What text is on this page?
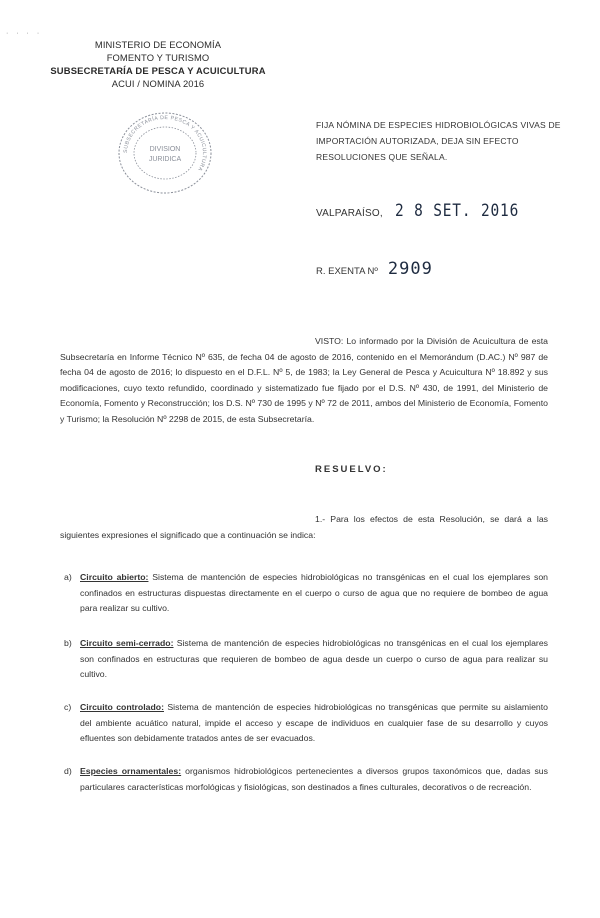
· · · ·
MINISTERIO DE ECONOMÍA
FOMENTO Y TURISMO
SUBSECRETARÍA DE PESCA Y ACUICULTURA
ACUI / NOMINA 2016
SUBSECRETARÍA DE PESCA Y ACUICULTURA
DIVISION
JURIDICA
FIJA NÓMINA DE ESPECIES HIDROBIOLÓGICAS VIVAS DE IMPORTACIÓN AUTORIZADA, DEJA SIN EFECTO RESOLUCIONES QUE SEÑALA.
VALPARAÍSO, 2 8 SET. 2016
R. EXENTA Nº 2909
VISTO: Lo informado por la División de Acuicultura de esta Subsecretaría en Informe Técnico Nº 635, de fecha 04 de agosto de 2016, contenido en el Memorándum (D.AC.) Nº 987 de fecha 04 de agosto de 2016; lo dispuesto en el D.F.L. Nº 5, de 1983; la Ley General de Pesca y Acuicultura Nº 18.892 y sus modificaciones, cuyo texto refundido, coordinado y sistematizado fue fijado por el D.S. Nº 430, de 1991, del Ministerio de Economía, Fomento y Reconstrucción; los D.S. Nº 730 de 1995 y Nº 72 de 2011, ambos del Ministerio de Economía, Fomento y Turismo; la Resolución Nº 2298 de 2015, de esta Subsecretaría.
RESUELVO:
1.- Para los efectos de esta Resolución, se dará a las siguientes expresiones el significado que a continuación se indica:
a) Circuito abierto: Sistema de mantención de especies hidrobiológicas no transgénicas en el cual los ejemplares son confinados en estructuras dispuestas directamente en el cuerpo o curso de agua que no requiere de bombeo de agua para realizar su cultivo.
b) Circuito semi-cerrado: Sistema de mantención de especies hidrobiológicas no transgénicas en el cual los ejemplares son confinados en estructuras que requieren de bombeo de agua desde un cuerpo o curso de agua para realizar su cultivo.
c) Circuito controlado: Sistema de mantención de especies hidrobiológicas no transgénicas que permite su aislamiento del ambiente acuático natural, impide el acceso y escape de individuos en cualquier fase de su desarrollo y cuyos efluentes son debidamente tratados antes de ser evacuados.
d) Especies ornamentales: organismos hidrobiológicos pertenecientes a diversos grupos taxonómicos que, dadas sus particulares características morfológicas y fisiológicas, son destinados a fines culturales, decorativos o de recreación.
